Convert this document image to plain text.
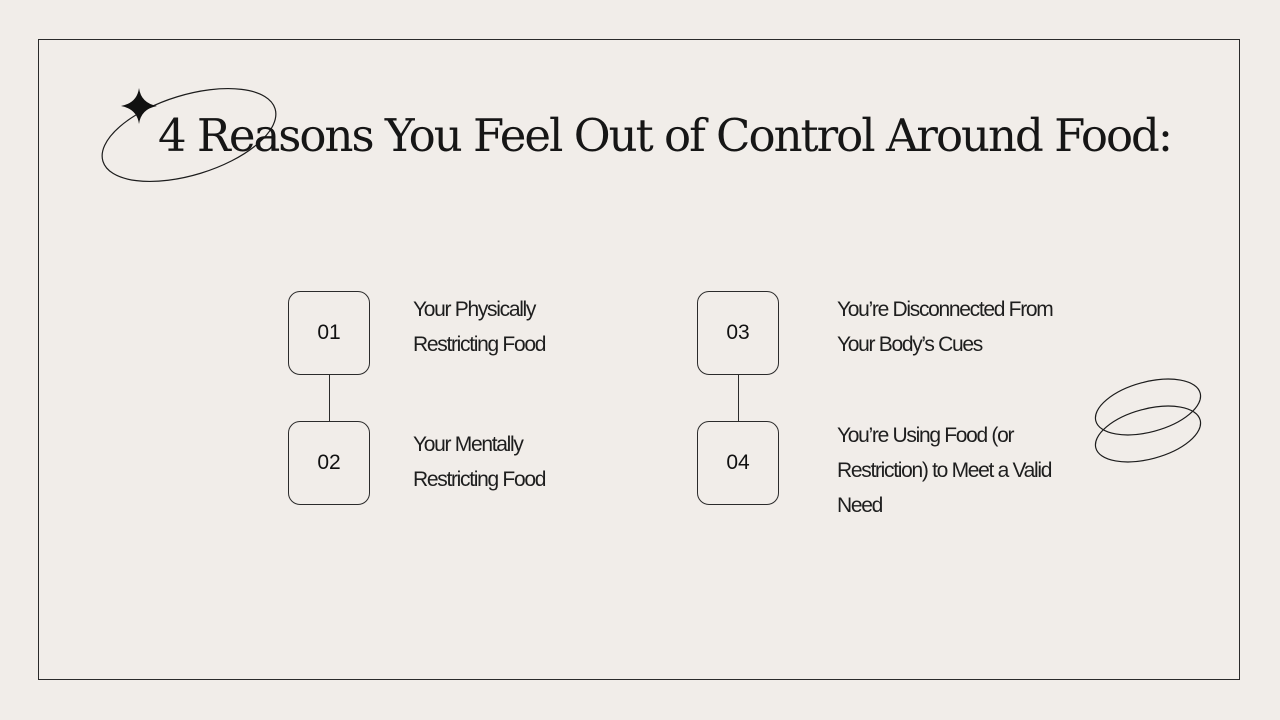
4 Reasons You Feel Out of Control Around Food:
01
02
03
04

Your Physically Restricting Food

Your Mentally Restricting Food

You’re Disconnected From Your Body’s Cues

You’re Using Food (or Restriction) to Meet a Valid Need
